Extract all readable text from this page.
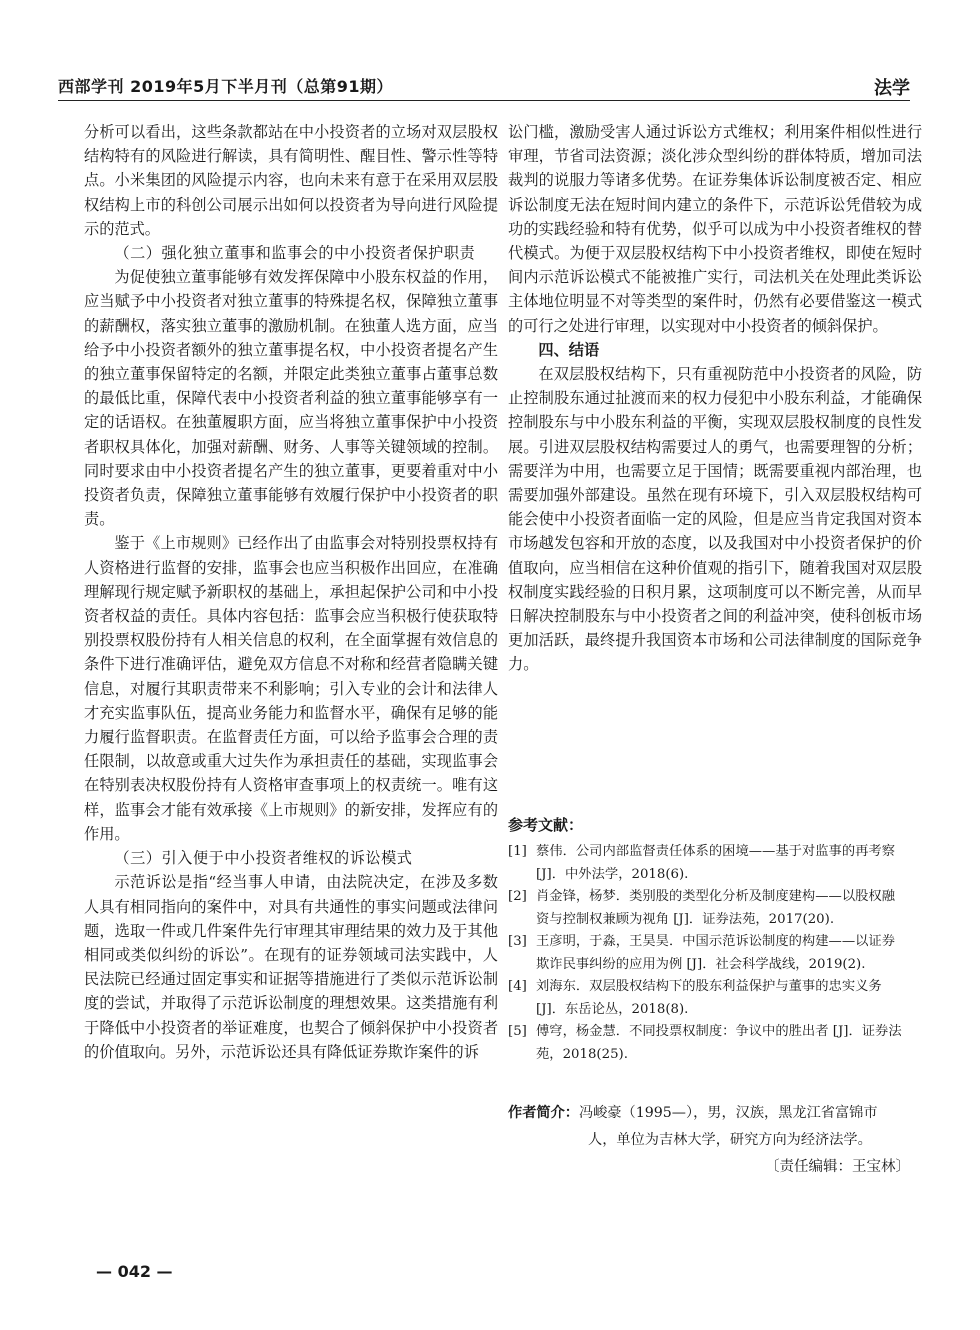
西部学刊 2019年5月下半月刊（总第91期）	法学

分析可以看出，这些条款都站在中小投资者的立场对双层股权结构特有的风险进行解读，具有简明性、醒目性、警示性等特点。小米集团的风险提示内容，也向未来有意于在采用双层股权结构上市的科创公司展示出如何以投资者为导向进行风险提示的范式。

（二）强化独立董事和监事会的中小投资者保护职责

为促使独立董事能够有效发挥保障中小股东权益的作用，应当赋予中小投资者对独立董事的特殊提名权，保障独立董事的薪酬权，落实独立董事的激励机制。在独董人选方面，应当给予中小投资者额外的独立董事提名权，中小投资者提名产生的独立董事保留特定的名额，并限定此类独立董事占董事总数的最低比重，保障代表中小投资者利益的独立董事能够享有一定的话语权。在独董履职方面，应当将独立董事保护中小投资者职权具体化，加强对薪酬、财务、人事等关键领域的控制。同时要求由中小投资者提名产生的独立董事，更要着重对中小投资者负责，保障独立董事能够有效履行保护中小投资者的职责。

鉴于《上市规则》已经作出了由监事会对特别投票权持有人资格进行监督的安排，监事会也应当积极作出回应，在准确理解现行规定赋予新职权的基础上，承担起保护公司和中小投资者权益的责任。具体内容包括：监事会应当积极行使获取特别投票权股份持有人相关信息的权利，在全面掌握有效信息的条件下进行准确评估，避免双方信息不对称和经营者隐瞒关键信息，对履行其职责带来不利影响；引入专业的会计和法律人才充实监事队伍，提高业务能力和监督水平，确保有足够的能力履行监督职责。在监督责任方面，可以给予监事会合理的责任限制，以故意或重大过失作为承担责任的基础，实现监事会在特别表决权股份持有人资格审查事项上的权责统一。唯有这样，监事会才能有效承接《上市规则》的新安排，发挥应有的作用。

（三）引入便于中小投资者维权的诉讼模式

示范诉讼是指“经当事人申请，由法院决定，在涉及多数人具有相同指向的案件中，对具有共通性的事实问题或法律问题，选取一件或几件案件先行审理其审理结果的效力及于其他相同或类似纠纷的诉讼”。在现有的证券领域司法实践中，人民法院已经通过固定事实和证据等措施进行了类似示范诉讼制度的尝试，并取得了示范诉讼制度的理想效果。这类措施有利于降低中小投资者的举证难度，也契合了倾斜保护中小投资者的价值取向。另外，示范诉讼还具有降低证券欺诈案件的诉

讼门槛，激励受害人通过诉讼方式维权；利用案件相似性进行审理，节省司法资源；淡化涉众型纠纷的群体特质，增加司法裁判的说服力等诸多优势。在证券集体诉讼制度被否定、相应诉讼制度无法在短时间内建立的条件下，示范诉讼凭借较为成功的实践经验和特有优势，似乎可以成为中小投资者维权的替代模式。为便于双层股权结构下中小投资者维权，即使在短时间内示范诉讼模式不能被推广实行，司法机关在处理此类诉讼主体地位明显不对等类型的案件时，仍然有必要借鉴这一模式的可行之处进行审理，以实现对中小投资者的倾斜保护。

四、结语

在双层股权结构下，只有重视防范中小投资者的风险，防止控制股东通过扯渡而来的权力侵犯中小股东利益，才能确保控制股东与中小股东利益的平衡，实现双层股权制度的良性发展。引进双层股权结构需要过人的勇气，也需要理智的分析；需要洋为中用，也需要立足于国情；既需要重视内部治理，也需要加强外部建设。虽然在现有环境下，引入双层股权结构可能会使中小投资者面临一定的风险，但是应当肯定我国对资本市场越发包容和开放的态度，以及我国对中小投资者保护的价值取向，应当相信在这种价值观的指引下，随着我国对双层股权制度实践经验的日积月累，这项制度可以不断完善，从而早日解决控制股东与中小投资者之间的利益冲突，使科创板市场更加活跃，最终提升我国资本市场和公司法律制度的国际竞争力。

参考文献：
[1] 蔡伟．公司内部监督责任体系的困境——基于对监事的再考察 [J]．中外法学，2018(6).
[2] 肖金锋，杨梦．类别股的类型化分析及制度建构——以股权融资与控制权兼顾为视角 [J]．证券法苑，2017(20).
[3] 王彦明，于淼，王昊昊．中国示范诉讼制度的构建——以证券欺诈民事纠纷的应用为例 [J]．社会科学战线，2019(2).
[4] 刘海东．双层股权结构下的股东利益保护与董事的忠实义务 [J]．东岳论丛，2018(8).
[5] 傅穹，杨金慧．不同投票权制度：争议中的胜出者 [J]．证券法苑，2018(25).
作者简介：冯峻豪（1995—），男，汉族，黑龙江省富锦市
人，单位为吉林大学，研究方向为经济法学。
〔责任编辑：王宝林〕
— 042 —
